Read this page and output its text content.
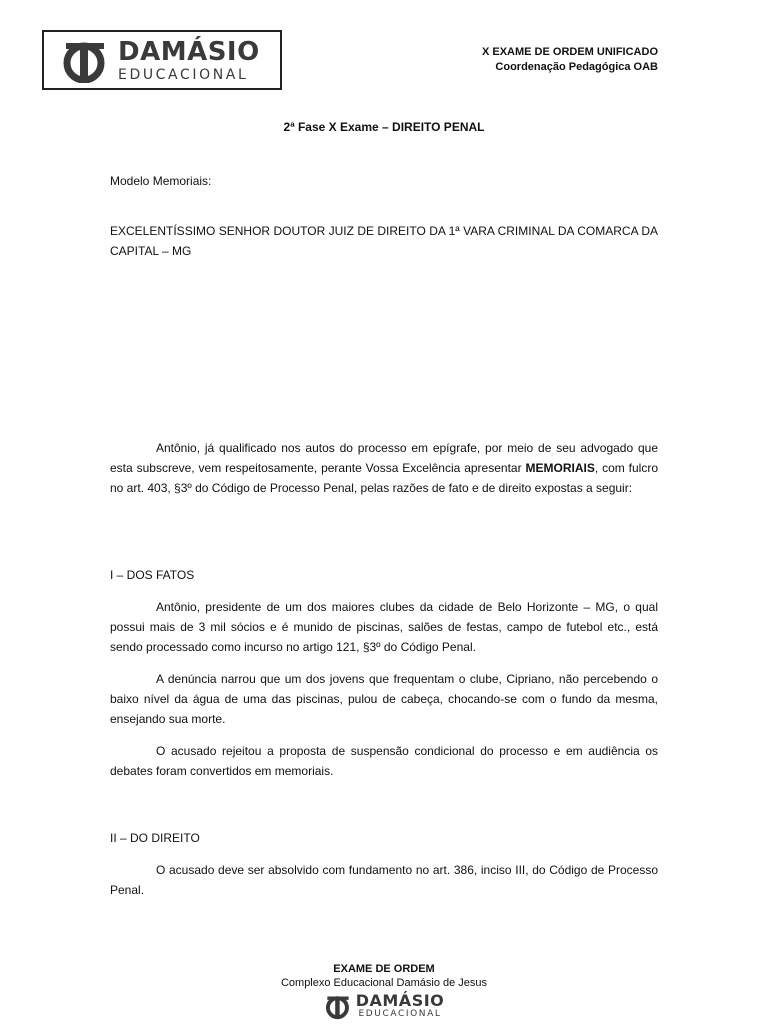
DAMÁSIO
EDUCACIONAL
X EXAME DE ORDEM UNIFICADO
Coordenação Pedagógica OAB
2ª Fase X Exame – DIREITO PENAL
Modelo Memoriais:
EXCELENTÍSSIMO SENHOR DOUTOR JUIZ DE DIREITO DA 1ª VARA CRIMINAL DA COMARCA DA CAPITAL – MG
Antônio, já qualificado nos autos do processo em epígrafe, por meio de seu advogado que esta subscreve, vem respeitosamente, perante Vossa Excelência apresentar MEMORIAIS, com fulcro no art. 403, §3º do Código de Processo Penal, pelas razões de fato e de direito expostas a seguir:
I – DOS FATOS
Antônio, presidente de um dos maiores clubes da cidade de Belo Horizonte – MG, o qual possui mais de 3 mil sócios e é munido de piscinas, salões de festas, campo de futebol etc., está sendo processado como incurso no artigo 121, §3º do Código Penal.
A denúncia narrou que um dos jovens que frequentam o clube, Cipriano, não percebendo o baixo nível da água de uma das piscinas, pulou de cabeça, chocando-se com o fundo da mesma, ensejando sua morte.
O acusado rejeitou a proposta de suspensão condicional do processo e em audiência os debates foram convertidos em memoriais.
II – DO DIREITO
O acusado deve ser absolvido com fundamento no art. 386, inciso III, do Código de Processo Penal.
EXAME DE ORDEM
Complexo Educacional Damásio de Jesus
DAMÁSIO
EDUCACIONAL
